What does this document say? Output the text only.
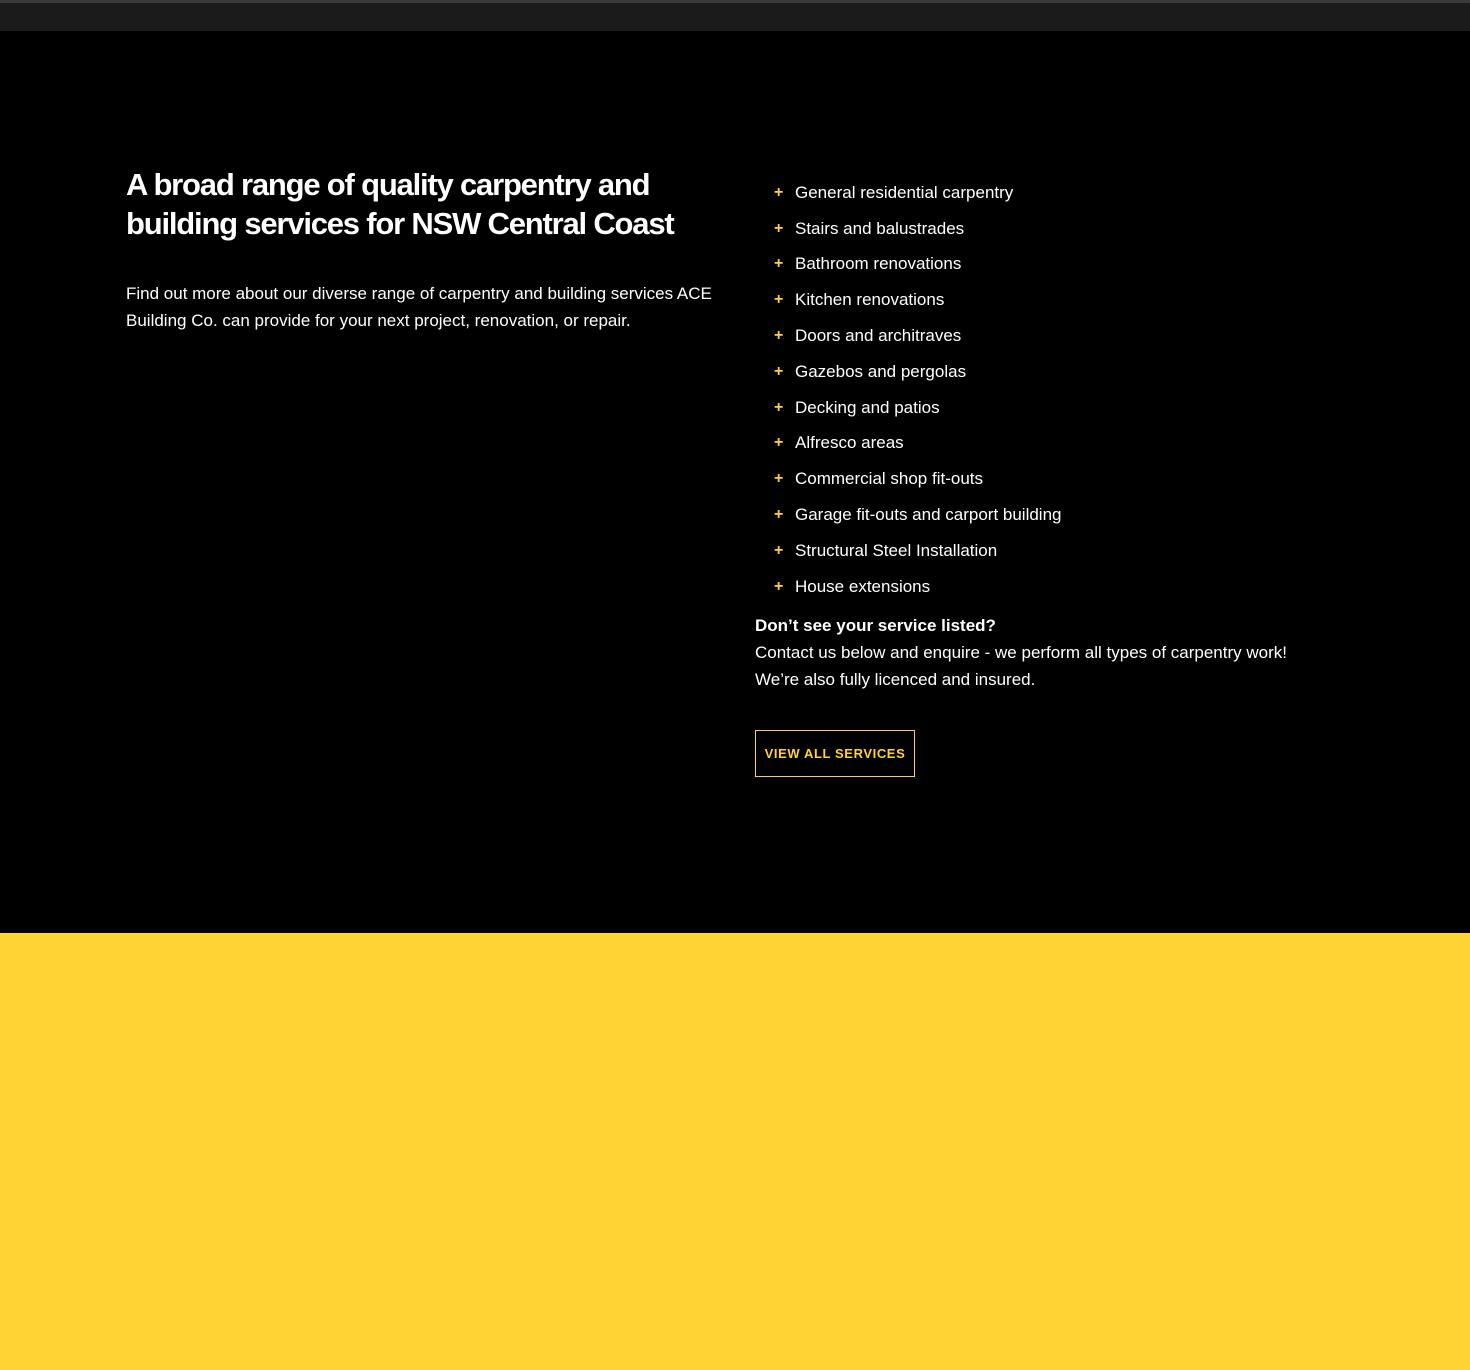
A broad range of quality carpentry and building services for NSW Central Coast

Find out more about our diverse range of carpentry and building services ACE Building Co. can provide for your next project, renovation, or repair.

+ General residential carpentry
+ Stairs and balustrades
+ Bathroom renovations
+ Kitchen renovations
+ Doors and architraves
+ Gazebos and pergolas
+ Decking and patios
+ Alfresco areas
+ Commercial shop fit-outs
+ Garage fit-outs and carport building
+ Structural Steel Installation
+ House extensions
Don’t see your service listed?
Contact us below and enquire - we perform all types of carpentry work!
We’re also fully licenced and insured.
VIEW ALL SERVICES
